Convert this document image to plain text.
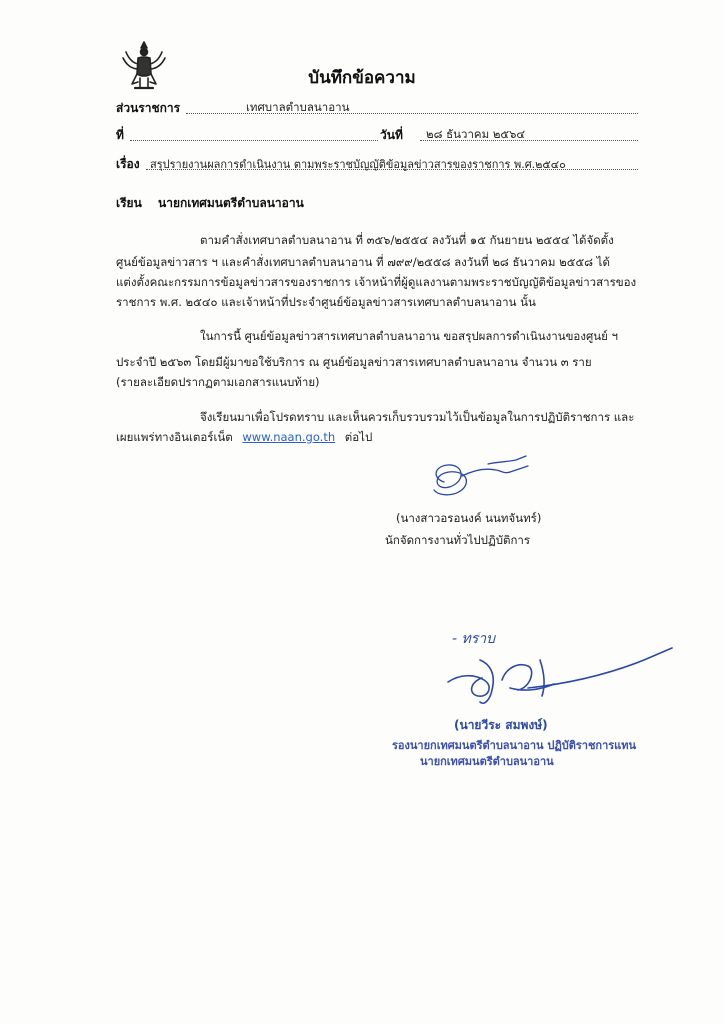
บันทึกข้อความ
ส่วนราชการ	เทศบาลตำบลนาอาน
ที่	วันที่ ๒๘ ธันวาคม ๒๕๖๔
เรื่อง สรุปรายงานผลการดำเนินงาน ตามพระราชบัญญัติข้อมูลข่าวสารของราชการ พ.ศ.๒๕๔๐
เรียน นายกเทศมนตรีตำบลนาอาน
ตามคำสั่งเทศบาลตำบลนาอาน ที่ ๓๕๖/๒๕๕๔ ลงวันที่ ๑๕ กันยายน ๒๕๕๔ ได้จัดตั้ง
ศูนย์ข้อมูลข่าวสาร ฯ และคำสั่งเทศบาลตำบลนาอาน ที่ ๗๙๙/๒๕๕๘ ลงวันที่ ๒๘ ธันวาคม ๒๕๕๘ ได้
แต่งตั้งคณะกรรมการข้อมูลข่าวสารของราชการ เจ้าหน้าที่ผู้ดูแลงานตามพระราชบัญญัติข้อมูลข่าวสารของ
ราชการ พ.ศ. ๒๕๔๐ และเจ้าหน้าที่ประจำศูนย์ข้อมูลข่าวสารเทศบาลตำบลนาอาน นั้น
ในการนี้ ศูนย์ข้อมูลข่าวสารเทศบาลตำบลนาอาน ขอสรุปผลการดำเนินงานของศูนย์ ฯ
ประจำปี ๒๕๖๓ โดยมีผู้มาขอใช้บริการ ณ ศูนย์ข้อมูลข่าวสารเทศบาลตำบลนาอาน จำนวน ๓ ราย
(รายละเอียดปรากฏตามเอกสารแนบท้าย)
จึงเรียนมาเพื่อโปรดทราบ และเห็นควรเก็บรวบรวมไว้เป็นข้อมูลในการปฏิบัติราชการ และ
เผยแพร่ทางอินเตอร์เน็ต www.naan.go.th ต่อไป
(นางสาวอรอนงค์ นนทจันทร์)
นักจัดการงานทั่วไปปฏิบัติการ
- ทราบ
(นายวีระ สมพงษ์)
รองนายกเทศมนตรีตำบลนาอาน ปฏิบัติราชการแทน
นายกเทศมนตรีตำบลนาอาน
